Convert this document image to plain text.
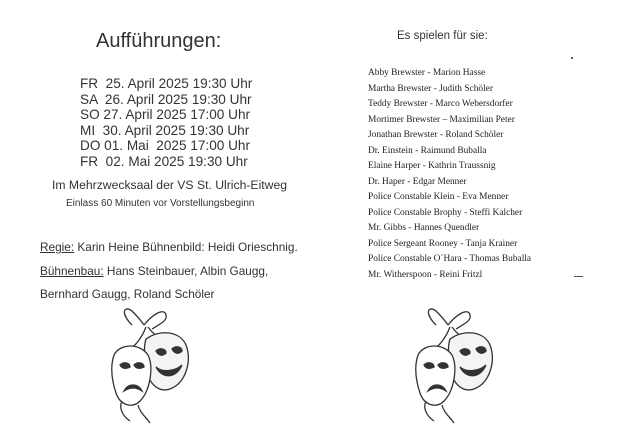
Aufführungen:
FR  25. April 2025 19:30 Uhr
SA  26. April 2025 19:30 Uhr
SO 27. April 2025 17:00 Uhr
MI  30. April 2025 19:30 Uhr
DO 01. Mai  2025 17:00 Uhr
FR  02. Mai 2025 19:30 Uhr
Im Mehrzwecksaal der VS St. Ulrich-Eitweg
Einlass 60 Minuten vor Vorstellungsbeginn
Regie: Karin Heine Bühnenbild: Heidi Orieschnig.
Bühnenbau: Hans Steinbauer, Albin Gaugg,
Bernhard Gaugg, Roland Schöler
Es spielen für sie:
Abby Brewster - Marion Hasse
Martha Brewster - Judith Schöler
Teddy Brewster - Marco Webersdorfer
Mortimer Brewster – Maximilian Peter
Jonathan Brewster - Roland Schöler
Dr. Einstein - Raimund Buballa
Elaine Harper - Kathrin Traussnig
Dr. Haper - Edgar Menner
Police Constable Klein - Eva Menner
Police Constable Brophy - Steffi Kalcher
Mr. Gibbs - Hannes Quendler
Police Sergeant Rooney - Tanja Krainer
Police Constable O´Hara - Thomas Buballa
Mr. Witherspoon - Reini Fritzl
